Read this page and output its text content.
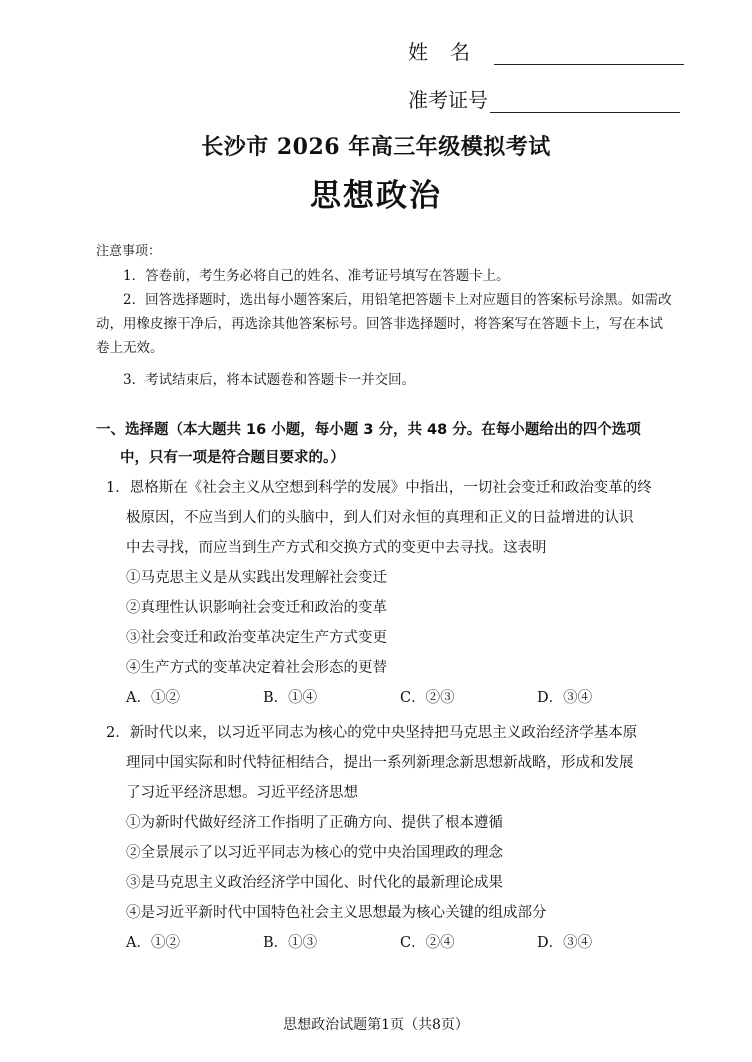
姓名
准考证号
长沙市 2026 年高三年级模拟考试
思想政治
注意事项：
1．答卷前，考生务必将自己的姓名、准考证号填写在答题卡上。
2．回答选择题时，选出每小题答案后，用铅笔把答题卡上对应题目的答案标号涂黑。如需改动，用橡皮擦干净后，再选涂其他答案标号。回答非选择题时，将答案写在答题卡上，写在本试卷上无效。
3．考试结束后，将本试题卷和答题卡一并交回。
一、选择题（本大题共 16 小题，每小题 3 分，共 48 分。在每小题给出的四个选项
中，只有一项是符合题目要求的。）
1．恩格斯在《社会主义从空想到科学的发展》中指出，一切社会变迁和政治变革的终
极原因，不应当到人们的头脑中，到人们对永恒的真理和正义的日益增进的认识
中去寻找，而应当到生产方式和交换方式的变更中去寻找。这表明
①马克思主义是从实践出发理解社会变迁
②真理性认识影响社会变迁和政治的变革
③社会变迁和政治变革决定生产方式变更
④生产方式的变革决定着社会形态的更替
A．①②	B．①④	C．②③	D．③④
2．新时代以来，以习近平同志为核心的党中央坚持把马克思主义政治经济学基本原
理同中国实际和时代特征相结合，提出一系列新理念新思想新战略，形成和发展
了习近平经济思想。习近平经济思想
①为新时代做好经济工作指明了正确方向、提供了根本遵循
②全景展示了以习近平同志为核心的党中央治国理政的理念
③是马克思主义政治经济学中国化、时代化的最新理论成果
④是习近平新时代中国特色社会主义思想最为核心关键的组成部分
A．①②	B．①③	C．②④	D．③④
思想政治试题第1页（共8页）
